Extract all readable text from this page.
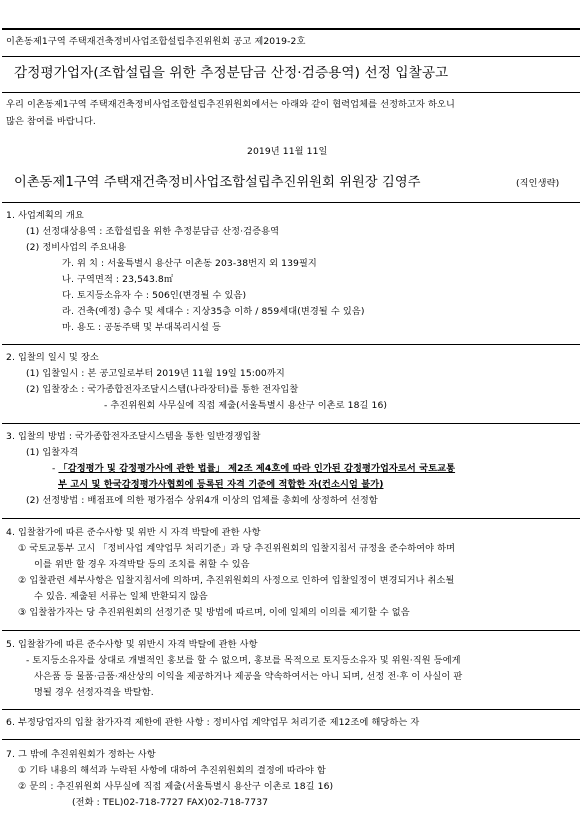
이촌동제1구역 주택재건축정비사업조합설립추진위원회 공고 제2019-2호
감정평가업자(조합설립을 위한 추정분담금 산정·검증용역) 선정 입찰공고
우리 이촌동제1구역 주택재건축정비사업조합설립추진위원회에서는 아래와 같이 협력업체를 선정하고자 하오니
많은 참여를 바랍니다.
2019년 11월 11일
이촌동제1구역 주택재건축정비사업조합설립추진위원회 위원장 김영주	(직인생략)
1. 사업계획의 개요
(1) 선정대상용역 : 조합설립을 위한 추정분담금 산정·검증용역
(2) 정비사업의 주요내용
가. 위 치 : 서울특별시 용산구 이촌동 203-38번지 외 139필지
나. 구역면적 : 23,543.8㎡
다. 토지등소유자 수 : 506인(변경될 수 있음)
라. 건축(예정) 층수 및 세대수 : 지상35층 이하 / 859세대(변경될 수 있음)
마. 용도 : 공동주택 및 부대복리시설 등
2. 입찰의 일시 및 장소
(1) 입찰일시 : 본 공고일로부터 2019년 11월 19일 15:00까지
(2) 입찰장소 : 국가종합전자조달시스템(나라장터)를 통한 전자입찰
- 추진위원회 사무실에 직접 제출(서울특별시 용산구 이촌로 18길 16)
3. 입찰의 방법 : 국가종합전자조달시스템을 통한 일반경쟁입찰
(1) 입찰자격
- 「감정평가 및 감정평가사에 관한 법률」 제2조 제4호에 따라 인가된 감정평가업자로서 국토교통
부 고시 및 한국감정평가사협회에 등록된 자격 기준에 적합한 자(컨소시엄 불가)
(2) 선정방법 : 배점표에 의한 평가점수 상위4개 이상의 업체를 총회에 상정하여 선정함
4. 입찰참가에 따른 준수사항 및 위반 시 자격 박탈에 관한 사항
① 국토교통부 고시 「정비사업 계약업무 처리기준」과 당 추진위원회의 입찰지침서 규정을 준수하여야 하며
이를 위반 할 경우 자격박탈 등의 조치를 취할 수 있음
② 입찰관련 세부사항은 입찰지침서에 의하며, 추진위원회의 사정으로 인하여 입찰일정이 변경되거나 취소될
수 있음. 제출된 서류는 일체 반환되지 않음
③ 입찰참가자는 당 추진위원회의 선정기준 및 방법에 따르며, 이에 일체의 이의를 제기할 수 없음
5. 입찰참가에 따른 준수사항 및 위반시 자격 박탈에 관한 사항
- 토지등소유자를 상대로 개별적인 홍보를 할 수 없으며, 홍보를 목적으로 토지등소유자 및 위원·직원 등에게
사은품 등 물품·금품·재산상의 이익을 제공하거나 제공을 약속하여서는 아니 되며, 선정 전·후 이 사실이 판
명될 경우 선정자격을 박탈함.
6. 부정당업자의 입찰 참가자격 제한에 관한 사항 : 정비사업 계약업무 처리기준 제12조에 해당하는 자
7. 그 밖에 추진위원회가 정하는 사항
① 기타 내용의 해석과 누락된 사항에 대하여 추진위원회의 결정에 따라야 함
② 문의 : 추진위원회 사무실에 직접 제출(서울특별시 용산구 이촌로 18길 16)
(전화 : TEL)02-718-7727 FAX)02-718-7737
